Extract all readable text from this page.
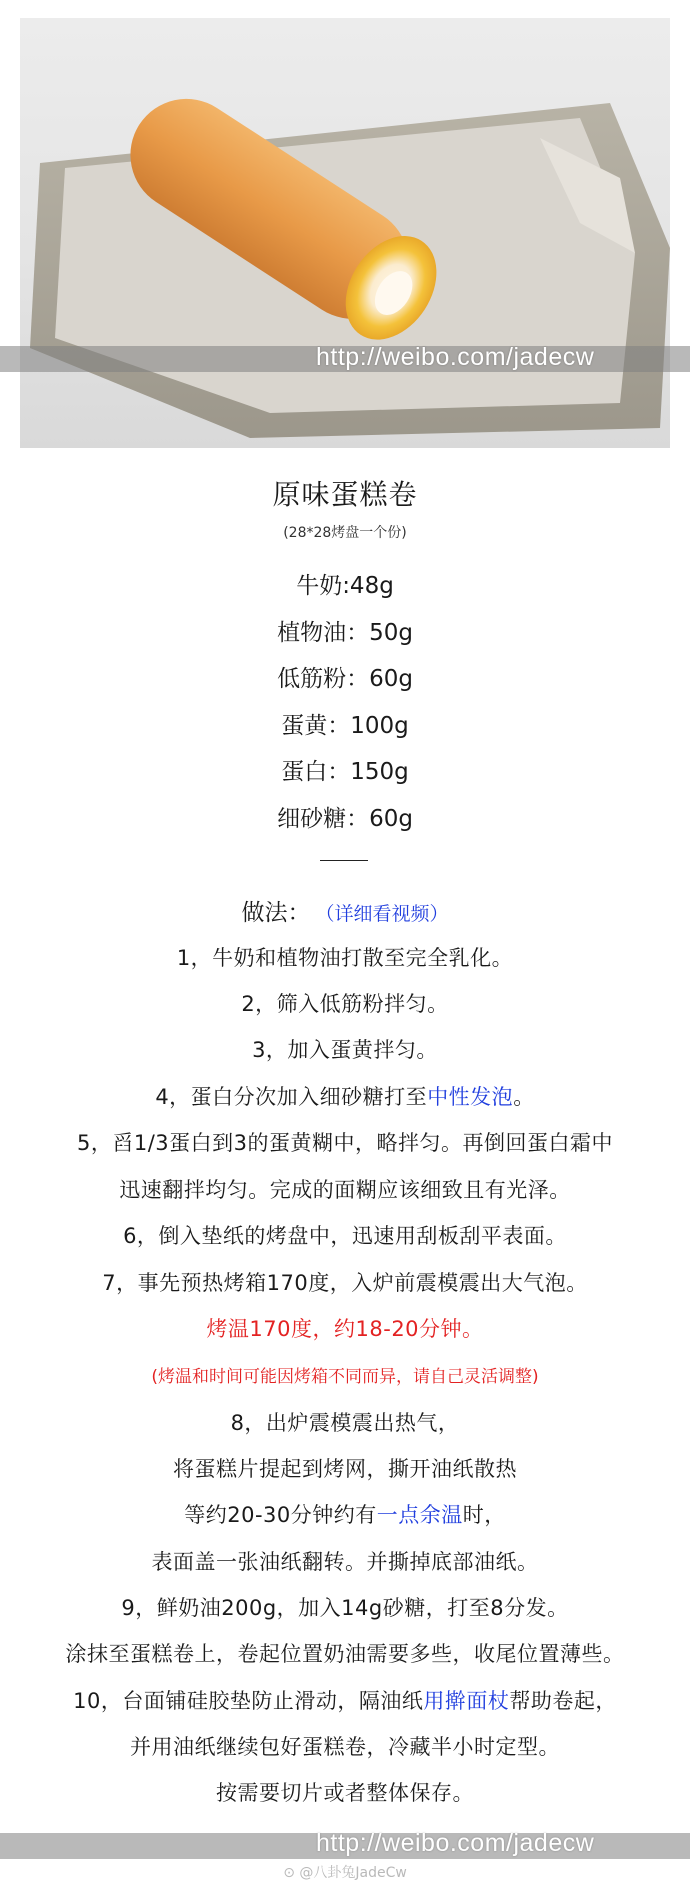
http://weibo.com/jadecw
原味蛋糕卷
(28*28烤盘一个份)
牛奶:48g
植物油：50g
低筋粉：60g
蛋黄：100g
蛋白：150g
细砂糖：60g
做法： （详细看视频）
1，牛奶和植物油打散至完全乳化。
2，筛入低筋粉拌匀。
3，加入蛋黄拌匀。
4，蛋白分次加入细砂糖打至中性发泡。
5，舀1/3蛋白到3的蛋黄糊中，略拌匀。再倒回蛋白霜中
迅速翻拌均匀。完成的面糊应该细致且有光泽。
6，倒入垫纸的烤盘中，迅速用刮板刮平表面。
7，事先预热烤箱170度，入炉前震模震出大气泡。
烤温170度，约18-20分钟。
(烤温和时间可能因烤箱不同而异，请自己灵活调整)
8，出炉震模震出热气，
将蛋糕片提起到烤网，撕开油纸散热
等约20-30分钟约有一点余温时，
表面盖一张油纸翻转。并撕掉底部油纸。
9，鲜奶油200g，加入14g砂糖，打至8分发。
涂抹至蛋糕卷上，卷起位置奶油需要多些，收尾位置薄些。
10，台面铺硅胶垫防止滑动，隔油纸用擀面杖帮助卷起，
并用油纸继续包好蛋糕卷，冷藏半小时定型。
按需要切片或者整体保存。
http://weibo.com/jadecw
⊙ @八卦兔JadeCw
